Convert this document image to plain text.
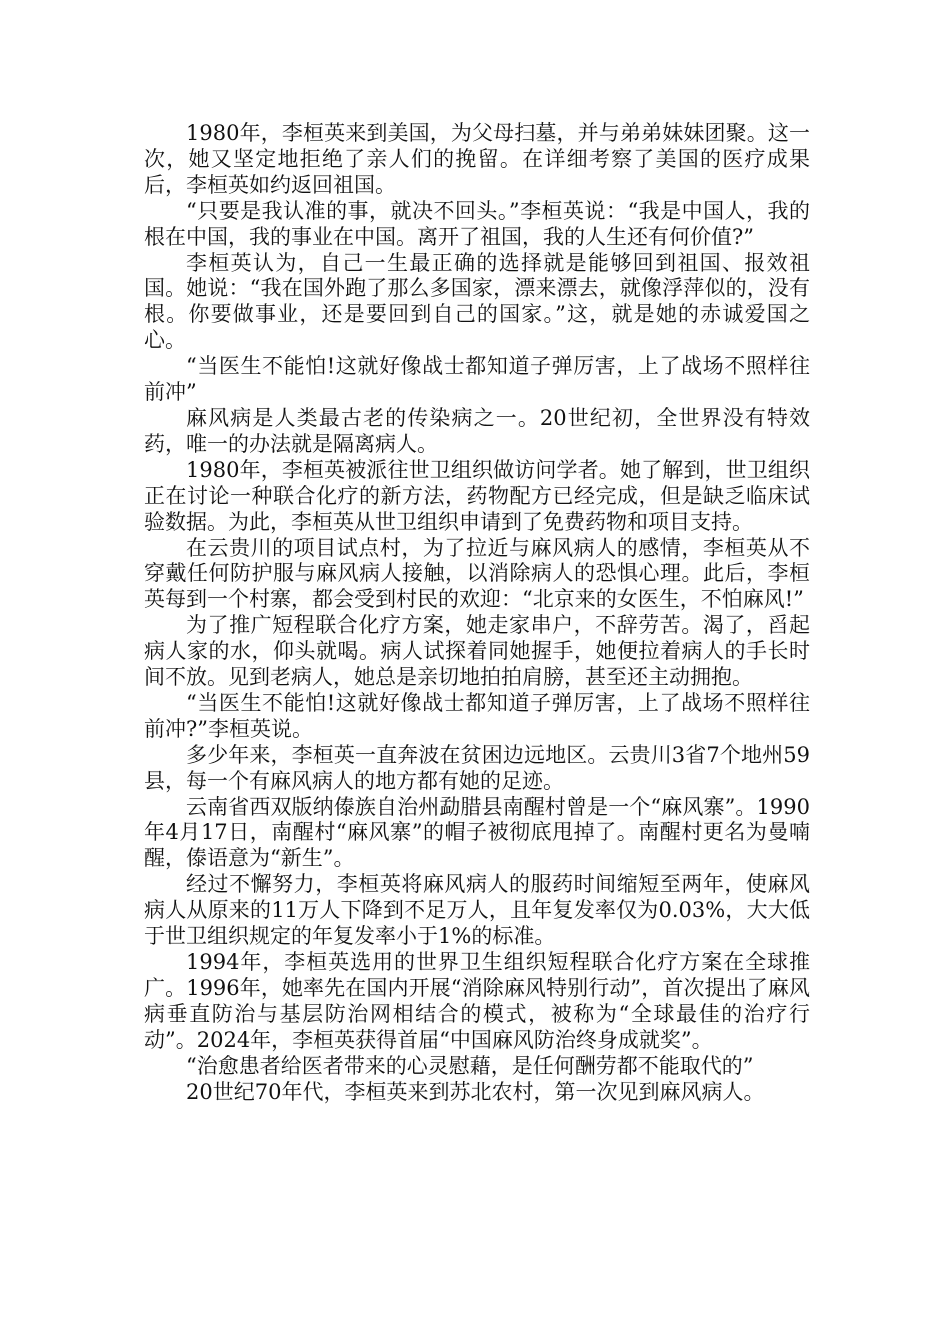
1980年，李桓英来到美国，为父母扫墓，并与弟弟妹妹团聚。这一次，她又坚定地拒绝了亲人们的挽留。在详细考察了美国的医疗成果后，李桓英如约返回祖国。

“只要是我认准的事，就决不回头。”李桓英说：“我是中国人，我的根在中国，我的事业在中国。离开了祖国，我的人生还有何价值?”

李桓英认为，自己一生最正确的选择就是能够回到祖国、报效祖国。她说：“我在国外跑了那么多国家，漂来漂去，就像浮萍似的，没有根。你要做事业，还是要回到自己的国家。”这，就是她的赤诚爱国之心。

“当医生不能怕!这就好像战士都知道子弹厉害，上了战场不照样往前冲”

麻风病是人类最古老的传染病之一。20世纪初，全世界没有特效药，唯一的办法就是隔离病人。

1980年，李桓英被派往世卫组织做访问学者。她了解到，世卫组织正在讨论一种联合化疗的新方法，药物配方已经完成，但是缺乏临床试验数据。为此，李桓英从世卫组织申请到了免费药物和项目支持。

在云贵川的项目试点村，为了拉近与麻风病人的感情，李桓英从不穿戴任何防护服与麻风病人接触，以消除病人的恐惧心理。此后，李桓英每到一个村寨，都会受到村民的欢迎：“北京来的女医生，不怕麻风!”

为了推广短程联合化疗方案，她走家串户，不辞劳苦。渴了，舀起病人家的水，仰头就喝。病人试探着同她握手，她便拉着病人的手长时间不放。见到老病人，她总是亲切地拍拍肩膀，甚至还主动拥抱。

“当医生不能怕!这就好像战士都知道子弹厉害，上了战场不照样往前冲?”李桓英说。

多少年来，李桓英一直奔波在贫困边远地区。云贵川3省7个地州59县，每一个有麻风病人的地方都有她的足迹。

云南省西双版纳傣族自治州勐腊县南醒村曾是一个“麻风寨”。1990年4月17日，南醒村“麻风寨”的帽子被彻底甩掉了。南醒村更名为曼喃醒，傣语意为“新生”。

经过不懈努力，李桓英将麻风病人的服药时间缩短至两年，使麻风病人从原来的11万人下降到不足万人，且年复发率仅为0.03%，大大低于世卫组织规定的年复发率小于1%的标准。

1994年，李桓英选用的世界卫生组织短程联合化疗方案在全球推广。1996年，她率先在国内开展“消除麻风特别行动”，首次提出了麻风病垂直防治与基层防治网相结合的模式，被称为“全球最佳的治疗行动”。2024年，李桓英获得首届“中国麻风防治终身成就奖”。

“治愈患者给医者带来的心灵慰藉，是任何酬劳都不能取代的”

20世纪70年代，李桓英来到苏北农村，第一次见到麻风病人。
